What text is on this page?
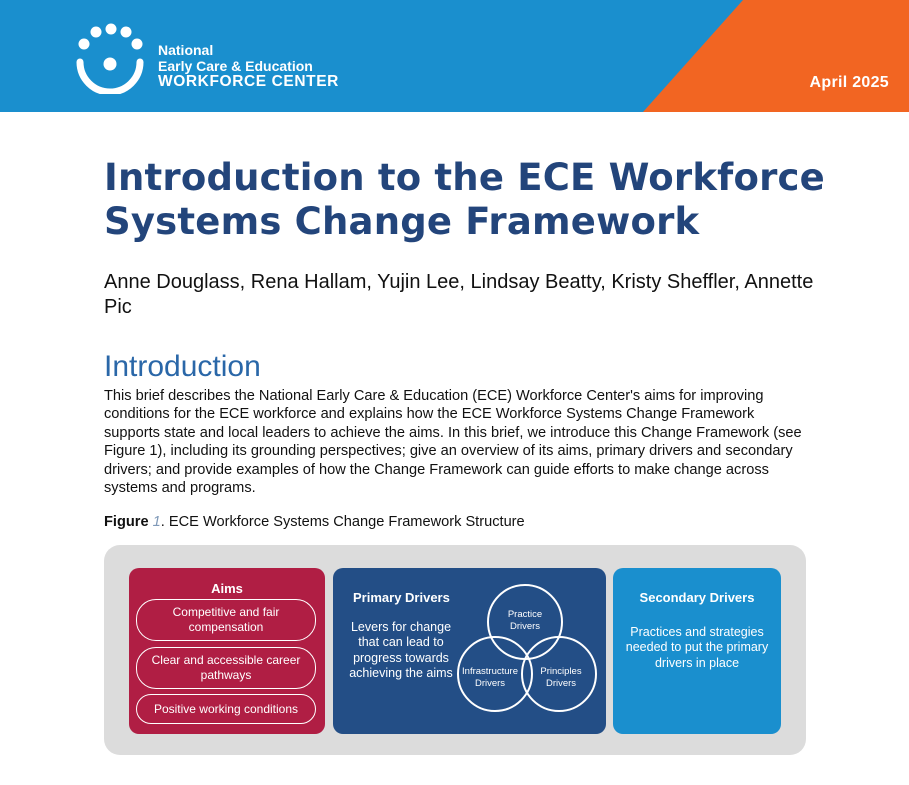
National
Early Care & Education
WORKFORCE CENTER	April 2025
Introduction to the ECE Workforce Systems Change Framework

Anne Douglass, Rena Hallam, Yujin Lee, Lindsay Beatty, Kristy Sheffler, Annette Pic

Introduction

This brief describes the National Early Care & Education (ECE) Workforce Center's aims for improving conditions for the ECE workforce and explains how the ECE Workforce Systems Change Framework supports state and local leaders to achieve the aims. In this brief, we introduce this Change Framework (see Figure 1), including its grounding perspectives; give an overview of its aims, primary drivers and secondary drivers; and provide examples of how the Change Framework can guide efforts to make change across systems and programs.

Figure 1. ECE Workforce Systems Change Framework Structure

Aims
Competitive and fair compensation
Clear and accessible career pathways
Positive working conditions
Primary Drivers
Levers for change that can lead to progress towards achieving the aims
Practice
Drivers
Infrastructure
Drivers
Principles
Drivers
Secondary Drivers
Practices and strategies needed to put the primary drivers in place
